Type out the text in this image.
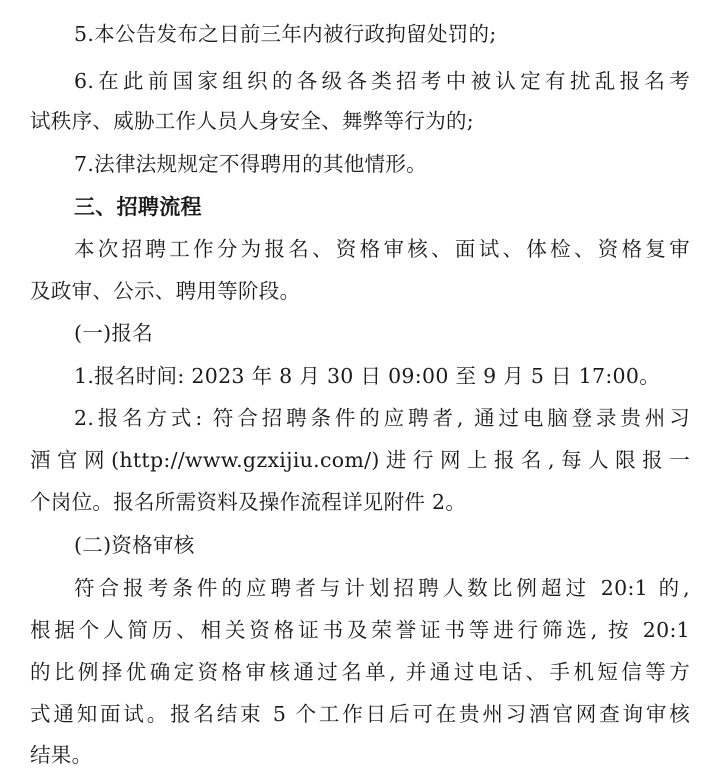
5.本公告发布之日前三年内被行政拘留处罚的;
6.在此前国家组织的各级各类招考中被认定有扰乱报名考
试秩序、威胁工作人员人身安全、舞弊等行为的;
7.法律法规规定不得聘用的其他情形。
三、招聘流程
本次招聘工作分为报名、资格审核、面试、体检、资格复审
及政审、公示、聘用等阶段。
(一)报名
1.报名时间: 2023 年 8 月 30 日 09:00 至 9 月 5 日 17:00。
2.报名方式: 符合招聘条件的应聘者, 通过电脑登录贵州习
酒官网(http://www.gzxijiu.com/)进行网上报名,每人限报一
个岗位。报名所需资料及操作流程详见附件 2。
(二)资格审核
符合报考条件的应聘者与计划招聘人数比例超过 20:1 的,
根据个人简历、相关资格证书及荣誉证书等进行筛选, 按 20:1
的比例择优确定资格审核通过名单, 并通过电话、手机短信等方
式通知面试。报名结束 5 个工作日后可在贵州习酒官网查询审核
结果。
